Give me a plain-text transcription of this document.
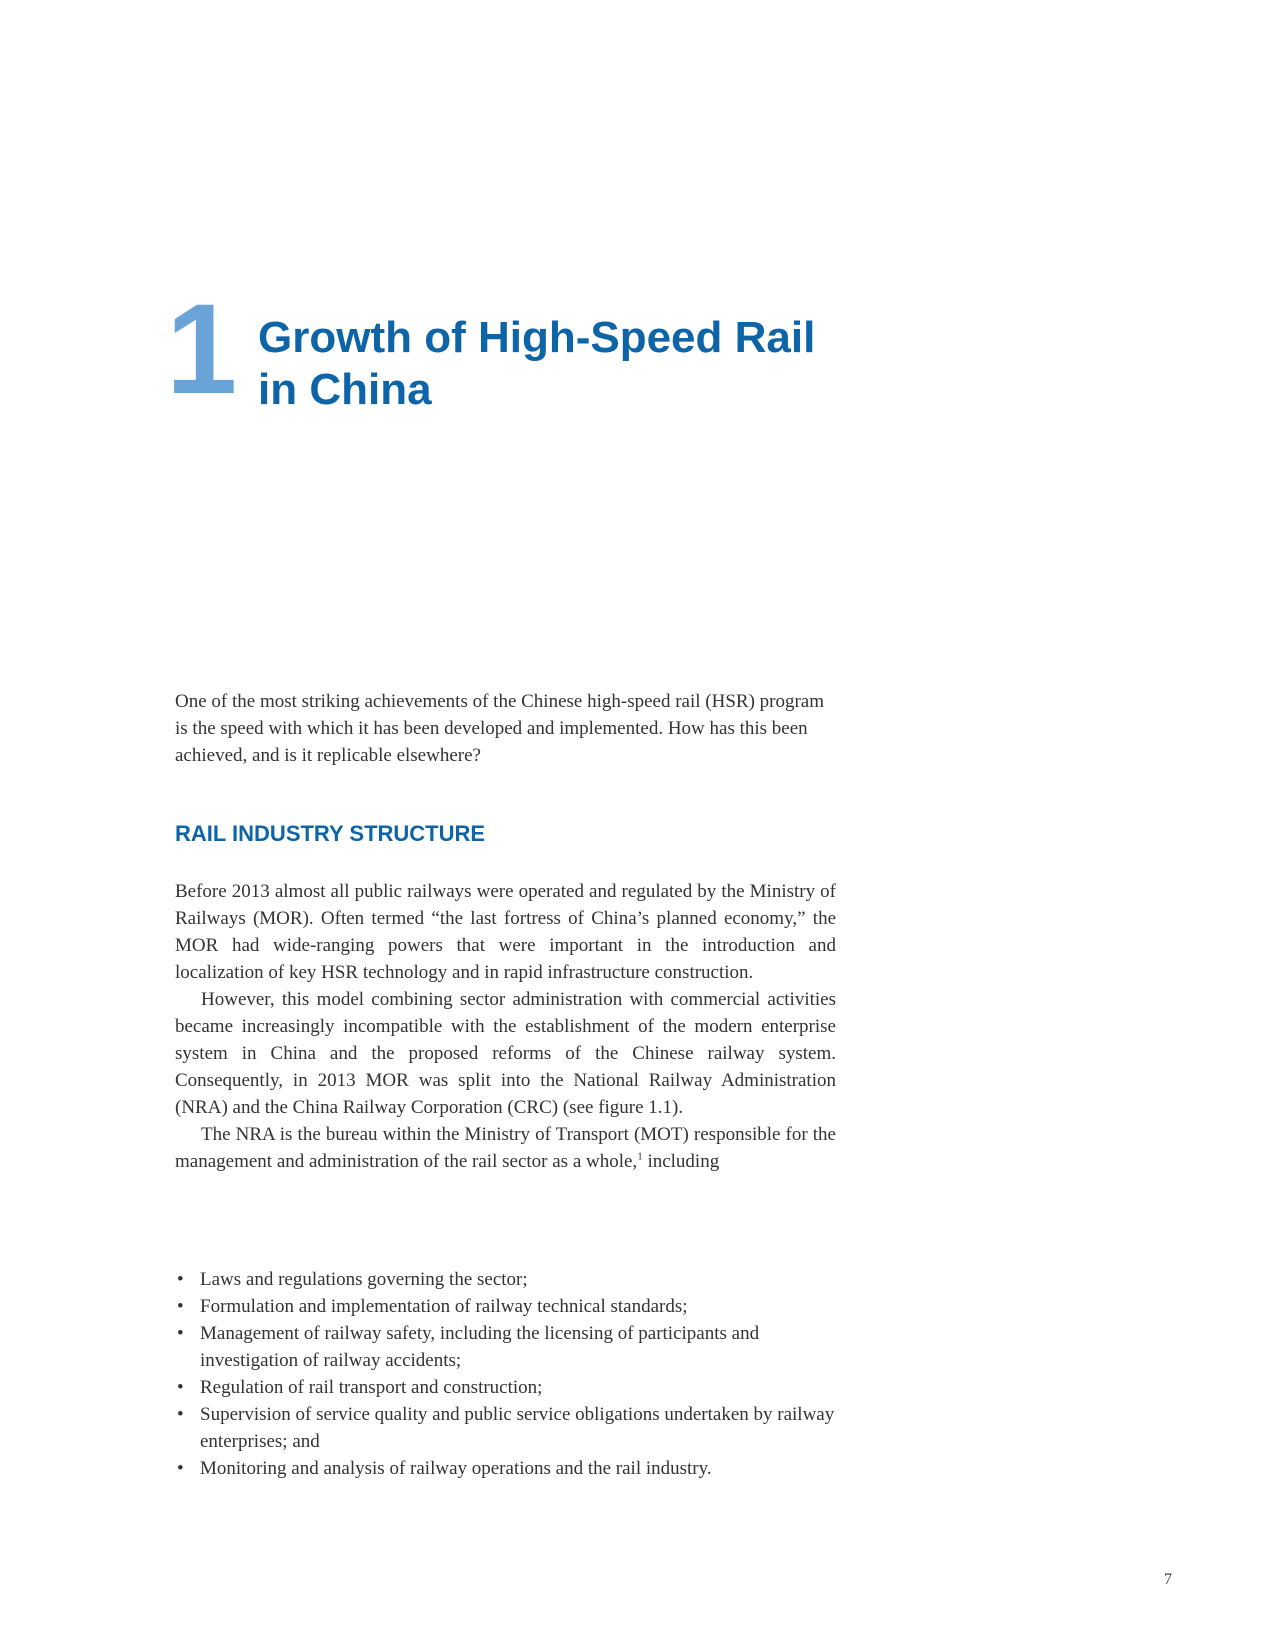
1 Growth of High-Speed Rail
in China

One of the most striking achievements of the Chinese high-speed rail (HSR) program is the speed with which it has been developed and implemented. How has this been achieved, and is it replicable elsewhere?

RAIL INDUSTRY STRUCTURE

Before 2013 almost all public railways were operated and regulated by the Ministry of Railways (MOR). Often termed “the last fortress of China’s planned economy,” the MOR had wide-ranging powers that were important in the introduction and localization of key HSR technology and in rapid infrastructure construction.

However, this model combining sector administration with commercial activities became increasingly incompatible with the establishment of the modern enterprise system in China and the proposed reforms of the Chinese railway system. Consequently, in 2013 MOR was split into the National Railway Administration (NRA) and the China Railway Corporation (CRC) (see figure 1.1).

The NRA is the bureau within the Ministry of Transport (MOT) responsible for the management and administration of the rail sector as a whole,$^1$ including

• Laws and regulations governing the sector;
• Formulation and implementation of railway technical standards;
• Management of railway safety, including the licensing of participants and investigation of railway accidents;
• Regulation of rail transport and construction;
• Supervision of service quality and public service obligations undertaken by railway enterprises; and
• Monitoring and analysis of railway operations and the rail industry.
7
